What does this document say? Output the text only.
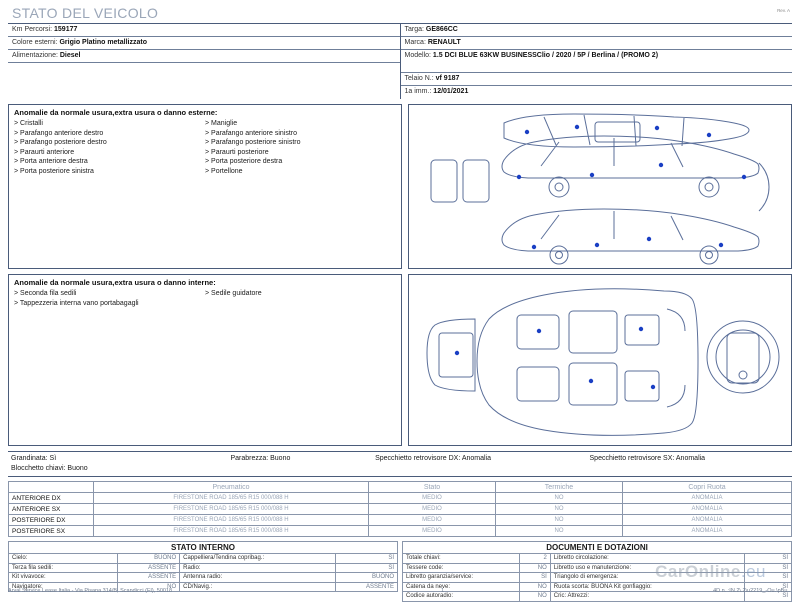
Rev. A
STATO DEL VEICOLO
Km Percorsi: 159177
Colore esterni: Grigio Platino metallizzato
Alimentazione: Diesel
Targa: GE866CC
Marca: RENAULT
Modello: 1.5 DCI BLUE 63KW BUSINESSClio / 2020 / 5P / Berlina / (PROMO 2)
Telaio N.: vf 9187
1a imm.: 12/01/2021
Anomalie da normale usura,extra usura o danno esterne:
> Cristalli
> Parafango anteriore destro
> Parafango posteriore destro
> Paraurti anteriore
> Porta anteriore destra
> Porta posteriore sinistra
> Maniglie
> Parafango anteriore sinistro
> Parafango posteriore sinistro
> Paraurti posteriore
> Porta posteriore destra
> Portellone
Anomalie da normale usura,extra usura o danno interne:
> Seconda fila sedili
> Tappezzeria interna vano portabagagli
> Sedile guidatore
Grandinata: Sì	Parabrezza: Buono	Specchietto retrovisore DX: Anomalia	Specchietto retrovisore SX: Anomalia
Blocchetto chiavi: Buono
	Pneumatico	Stato	Termiche	Copri Ruota
ANTERIORE DX	FIRESTONE ROAD 185/65 R15 000/088 H	MEDIO	NO	ANOMALIA
ANTERIORE SX	FIRESTONE ROAD 185/65 R15 000/088 H	MEDIO	NO	ANOMALIA
POSTERIORE DX	FIRESTONE ROAD 185/65 R15 000/088 H	MEDIO	NO	ANOMALIA
POSTERIORE SX	FIRESTONE ROAD 185/65 R15 000/088 H	MEDIO	NO	ANOMALIA
STATO INTERNO
Cielo:	BUONO	Cappelliera/Tendina copribag.:	SÌ
Terza fila sedili:	ASSENTE	Radio:	SÌ
Kit vivavoce:	ASSENTE	Antenna radio:	BUONO
Navigatore:	NO	CD/Navig.:	ASSENTE
DOCUMENTI E DOTAZIONI
Totale chiavi:	2	Libretto circolazione:	SÌ
Tessere code:	NO	Libretto uso e manutenzione:	SÌ
Libretto garanzia/service:	SÌ	Triangolo di emergenza:	SÌ
Catena da neve:	NO	Ruota scorta: BUONA Kit gonfiaggio:	SÌ
Codice autoradio:	NO	Cric: Attrezzi:	SÌ
CarOnline.eu
Arval Service Lease Italia - Via Pisana 314/B, Scandicci (FI), 50018	1	4D n..:IN.2\.2\u2219_-Ou.\pBu...
